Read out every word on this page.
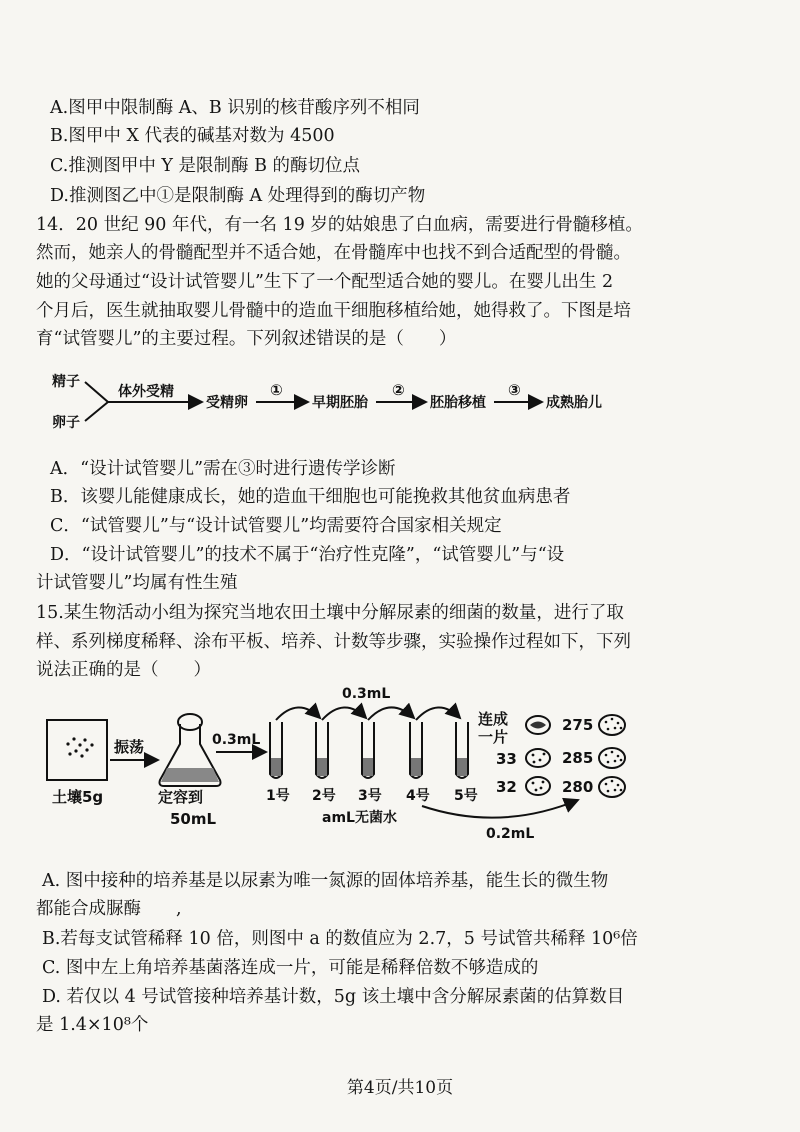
A.图甲中限制酶 A、B 识别的核苷酸序列不相同
B.图甲中 X 代表的碱基对数为 4500
C.推测图甲中 Y 是限制酶 B 的酶切位点
D.推测图乙中①是限制酶 A 处理得到的酶切产物
14．20 世纪 90 年代，有一名 19 岁的姑娘患了白血病，需要进行骨髓移植。
然而，她亲人的骨髓配型并不适合她，在骨髓库中也找不到合适配型的骨髓。
她的父母通过“设计试管婴儿”生下了一个配型适合她的婴儿。在婴儿出生 2
个月后，医生就抽取婴儿骨髓中的造血干细胞移植给她，她得救了。下图是培
育“试管婴儿”的主要过程。下列叙述错误的是（　　）
精子
卵子
体外受精
受精卵
①
早期胚胎
②
胚胎移植
③
成熟胎儿
A．“设计试管婴儿”需在③时进行遗传学诊断
B．该婴儿能健康成长，她的造血干细胞也可能挽救其他贫血病患者
C．“试管婴儿”与“设计试管婴儿”均需要符合国家相关规定
D．“设计试管婴儿”的技术不属于“治疗性克隆”，“试管婴儿”与“设
计试管婴儿”均属有性生殖
15.某生物活动小组为探究当地农田土壤中分解尿素的细菌的数量，进行了取
样、系列梯度稀释、涂布平板、培养、计数等步骤，实验操作过程如下，下列
说法正确的是（　　）
土壤5g
振荡
定容到
50mL
0.3mL
0.3mL
1号 2号 3号 4号 5号
amL无菌水
0.2mL
连成
一片
33
32
275
285
280
A. 图中接种的培养基是以尿素为唯一氮源的固体培养基，能生长的微生物
都能合成脲酶　　,
B.若每支试管稀释 10 倍，则图中 a 的数值应为 2.7，5 号试管共稀释 10⁶倍
C. 图中左上角培养基菌落连成一片，可能是稀释倍数不够造成的
D. 若仅以 4 号试管接种培养基计数，5g 该土壤中含分解尿素菌的估算数目
是 1.4×10⁸个
第4页/共10页
